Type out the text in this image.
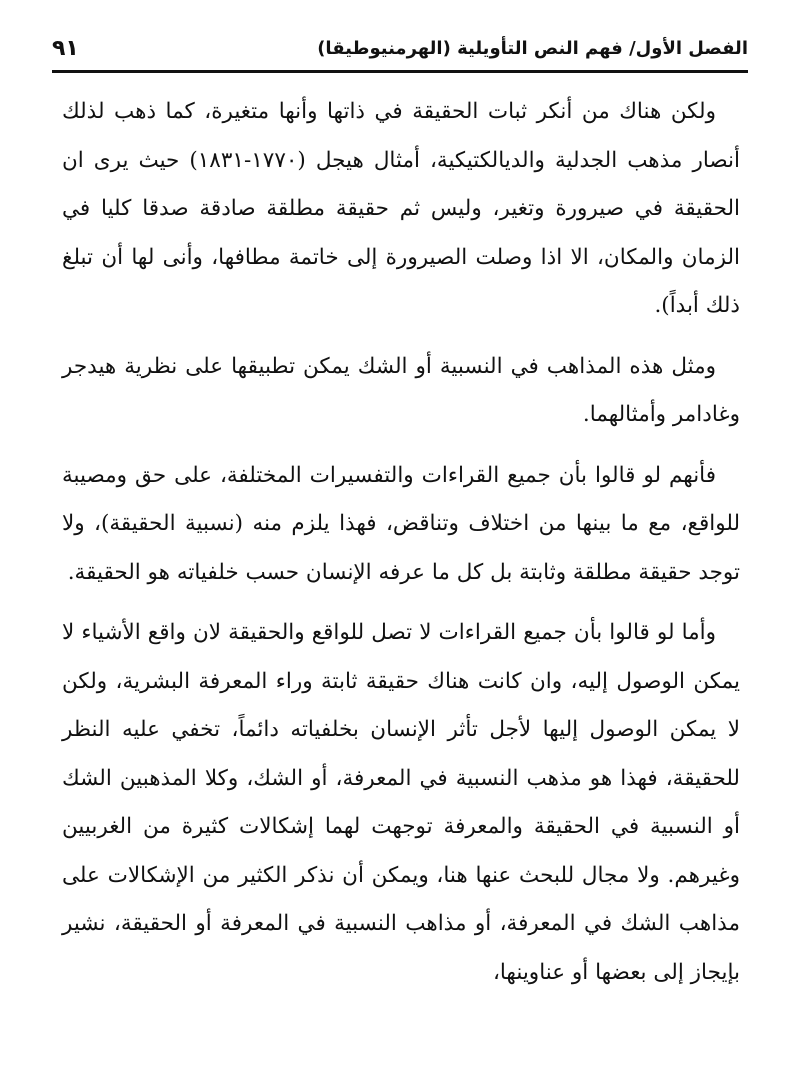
الفصل الأول/ فهم النص التأويلية (الهرمنيوطيقا)
٩١

ولكن هناك من أنكر ثبات الحقيقة في ذاتها وأنها متغيرة، كما ذهب لذلك أنصار مذهب الجدلية والديالكتيكية، أمثال هيجل (١٧٧٠-١٨٣١) حيث يرى ان الحقيقة في صيرورة وتغير، وليس ثم حقيقة مطلقة صادقة صدقا كليا في الزمان والمكان، الا اذا وصلت الصيرورة إلى خاتمة مطافها، وأنى لها أن تبلغ ذلك أبداً).

ومثل هذه المذاهب في النسبية أو الشك يمكن تطبيقها على نظرية هيدجر وغادامر وأمثالهما.

فأنهم لو قالوا بأن جميع القراءات والتفسيرات المختلفة، على حق ومصيبة للواقع، مع ما بينها من اختلاف وتناقض، فهذا يلزم منه (نسبية الحقيقة)، ولا توجد حقيقة مطلقة وثابتة بل كل ما عرفه الإنسان حسب خلفياته هو الحقيقة.

وأما لو قالوا بأن جميع القراءات لا تصل للواقع والحقيقة لان واقع الأشياء لا يمكن الوصول إليه، وان كانت هناك حقيقة ثابتة وراء المعرفة البشرية، ولكن لا يمكن الوصول إليها لأجل تأثر الإنسان بخلفياته دائماً، تخفي عليه النظر للحقيقة، فهذا هو مذهب النسبية في المعرفة، أو الشك، وكلا المذهبين الشك أو النسبية في الحقيقة والمعرفة توجهت لهما إشكالات كثيرة من الغربيين وغيرهم. ولا مجال للبحث عنها هنا، ويمكن أن نذكر الكثير من الإشكالات على مذاهب الشك في المعرفة، أو مذاهب النسبية في المعرفة أو الحقيقة، نشير بإيجاز إلى بعضها أو عناوينها،
